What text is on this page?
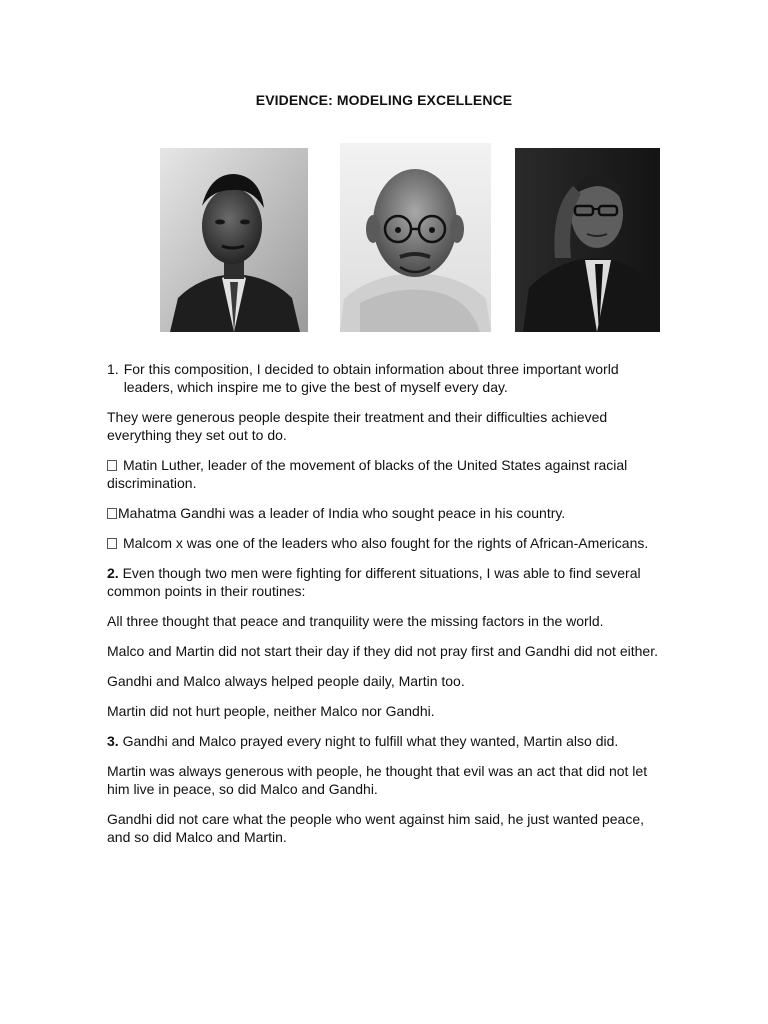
EVIDENCE: MODELING EXCELLENCE
1. For this composition, I decided to obtain information about three important world leaders, which inspire me to give the best of myself every day.

They were generous people despite their treatment and their difficulties achieved everything they set out to do.

Matin Luther, leader of the movement of blacks of the United States against racial discrimination.

Mahatma Gandhi was a leader of India who sought peace in his country.

Malcom x was one of the leaders who also fought for the rights of African-Americans.

2. Even though two men were fighting for different situations, I was able to find several common points in their routines:

All three thought that peace and tranquility were the missing factors in the world.

Malco and Martin did not start their day if they did not pray first and Gandhi did not either.

Gandhi and Malco always helped people daily, Martin too.

Martin did not hurt people, neither Malco nor Gandhi.

3. Gandhi and Malco prayed every night to fulfill what they wanted, Martin also did.

Martin was always generous with people, he thought that evil was an act that did not let him live in peace, so did Malco and Gandhi.

Gandhi did not care what the people who went against him said, he just wanted peace, and so did Malco and Martin.
